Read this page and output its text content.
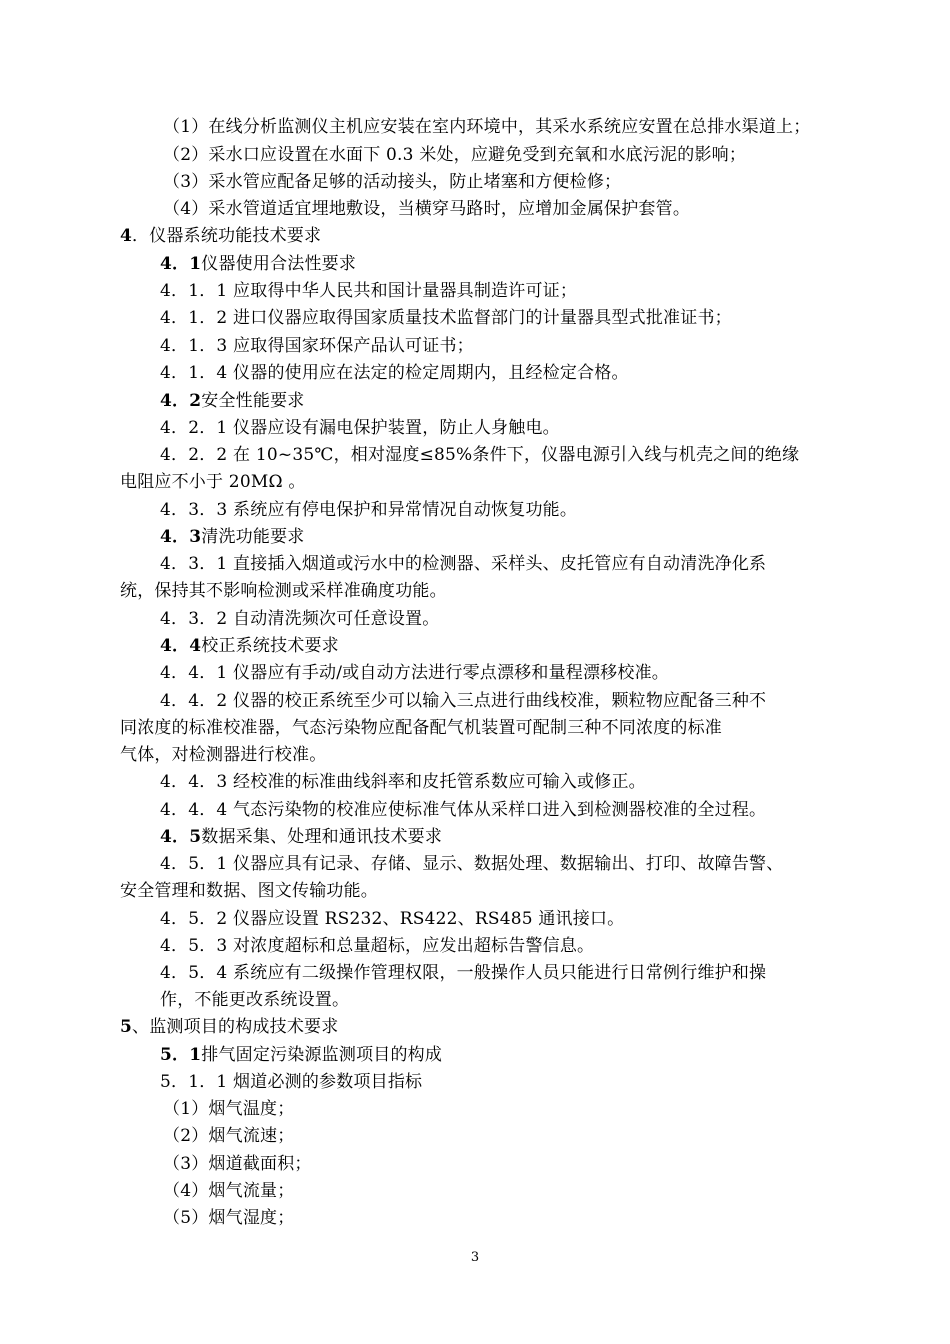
（1）在线分析监测仪主机应安装在室内环境中，其采水系统应安置在总排水渠道上；
（2）采水口应设置在水面下 0.3 米处，应避免受到充氧和水底污泥的影响；
（3）采水管应配备足够的活动接头，防止堵塞和方便检修；
（4）采水管道适宜埋地敷设，当横穿马路时，应增加金属保护套管。
4．仪器系统功能技术要求
4．1仪器使用合法性要求
4．1．1 应取得中华人民共和国计量器具制造许可证；
4．1．2 进口仪器应取得国家质量技术监督部门的计量器具型式批准证书；
4．1．3 应取得国家环保产品认可证书；
4．1．4 仪器的使用应在法定的检定周期内，且经检定合格。
4．2安全性能要求
4．2．1 仪器应设有漏电保护装置，防止人身触电。
4．2．2 在 10~35℃，相对湿度≤85%条件下，仪器电源引入线与机壳之间的绝缘
电阻应不小于 20MΩ 。
4．3．3 系统应有停电保护和异常情况自动恢复功能。
4．3清洗功能要求
4．3．1 直接插入烟道或污水中的检测器、采样头、皮托管应有自动清洗净化系
统，保持其不影响检测或采样准确度功能。
4．3．2 自动清洗频次可任意设置。
4．4校正系统技术要求
4．4．1 仪器应有手动/或自动方法进行零点漂移和量程漂移校准。
4．4．2 仪器的校正系统至少可以输入三点进行曲线校准，颗粒物应配备三种不
同浓度的标准校准器，气态污染物应配备配气机装置可配制三种不同浓度的标准
气体，对检测器进行校准。
4．4．3 经校准的标准曲线斜率和皮托管系数应可输入或修正。
4．4．4 气态污染物的校准应使标准气体从采样口进入到检测器校准的全过程。
4．5数据采集、处理和通讯技术要求
4．5．1 仪器应具有记录、存储、显示、数据处理、数据输出、打印、故障告警、
安全管理和数据、图文传输功能。
4．5．2 仪器应设置 RS232、RS422、RS485 通讯接口。
4．5．3 对浓度超标和总量超标，应发出超标告警信息。
4．5．4 系统应有二级操作管理权限，一般操作人员只能进行日常例行维护和操
作，不能更改系统设置。
5、监测项目的构成技术要求
5．1排气固定污染源监测项目的构成
5．1．1 烟道必测的参数项目指标
（1）烟气温度；
（2）烟气流速；
（3）烟道截面积；
（4）烟气流量；
（5）烟气湿度；
3
